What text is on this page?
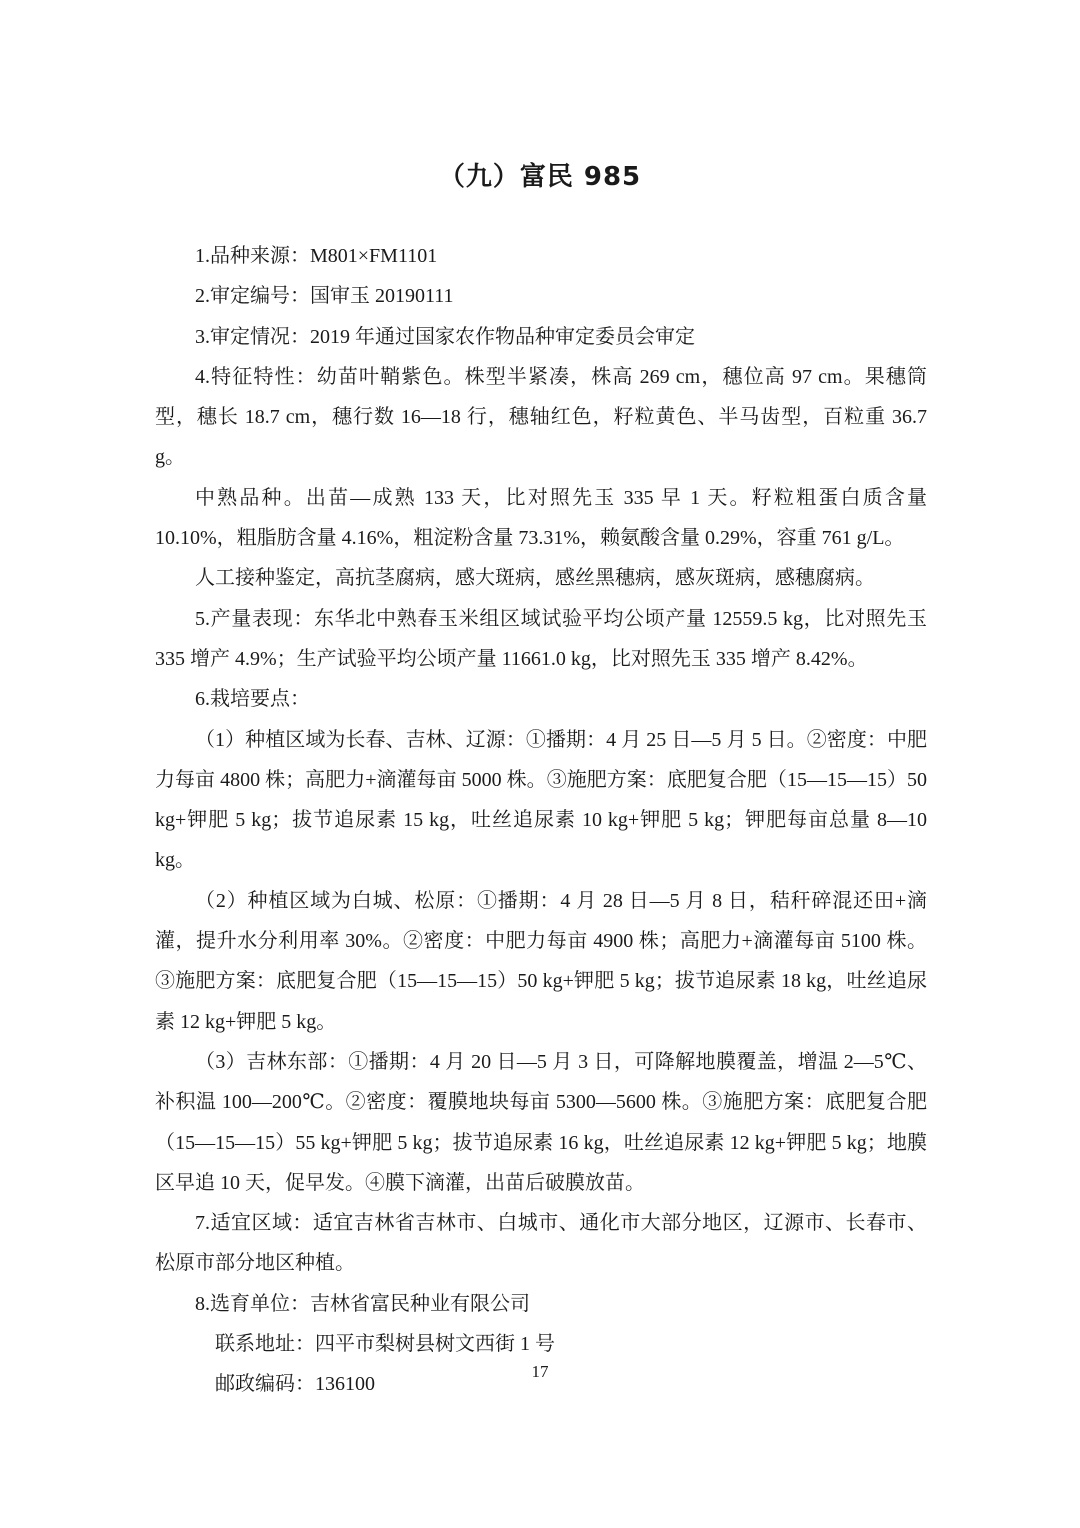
（九）富民 985

1.品种来源：M801×FM1101

2.审定编号：国审玉 20190111

3.审定情况：2019 年通过国家农作物品种审定委员会审定

4.特征特性：幼苗叶鞘紫色。株型半紧凑，株高 269 cm，穗位高 97 cm。果穗筒型，穗长 18.7 cm，穗行数 16—18 行，穗轴红色，籽粒黄色、半马齿型，百粒重 36.7 g。

中熟品种。出苗—成熟 133 天，比对照先玉 335 早 1 天。籽粒粗蛋白质含量 10.10%，粗脂肪含量 4.16%，粗淀粉含量 73.31%，赖氨酸含量 0.29%，容重 761 g/L。

人工接种鉴定，高抗茎腐病，感大斑病，感丝黑穗病，感灰斑病，感穗腐病。

5.产量表现：东华北中熟春玉米组区域试验平均公顷产量 12559.5 kg，比对照先玉 335 增产 4.9%；生产试验平均公顷产量 11661.0 kg，比对照先玉 335 增产 8.42%。

6.栽培要点：

（1）种植区域为长春、吉林、辽源：①播期：4 月 25 日—5 月 5 日。②密度：中肥力每亩 4800 株；高肥力+滴灌每亩 5000 株。③施肥方案：底肥复合肥（15—15—15）50 kg+钾肥 5 kg；拔节追尿素 15 kg，吐丝追尿素 10 kg+钾肥 5 kg；钾肥每亩总量 8—10 kg。

（2）种植区域为白城、松原：①播期：4 月 28 日—5 月 8 日，秸秆碎混还田+滴灌，提升水分利用率 30%。②密度：中肥力每亩 4900 株；高肥力+滴灌每亩 5100 株。③施肥方案：底肥复合肥（15—15—15）50 kg+钾肥 5 kg；拔节追尿素 18 kg，吐丝追尿素 12 kg+钾肥 5 kg。

（3）吉林东部：①播期：4 月 20 日—5 月 3 日，可降解地膜覆盖，增温 2—5℃、补积温 100—200℃。②密度：覆膜地块每亩 5300—5600 株。③施肥方案：底肥复合肥（15—15—15）55 kg+钾肥 5 kg；拔节追尿素 16 kg，吐丝追尿素 12 kg+钾肥 5 kg；地膜区早追 10 天，促早发。④膜下滴灌，出苗后破膜放苗。

7.适宜区域：适宜吉林省吉林市、白城市、通化市大部分地区，辽源市、长春市、松原市部分地区种植。

8.选育单位：吉林省富民种业有限公司

联系地址：四平市梨树县树文西街 1 号

邮政编码：136100

17
